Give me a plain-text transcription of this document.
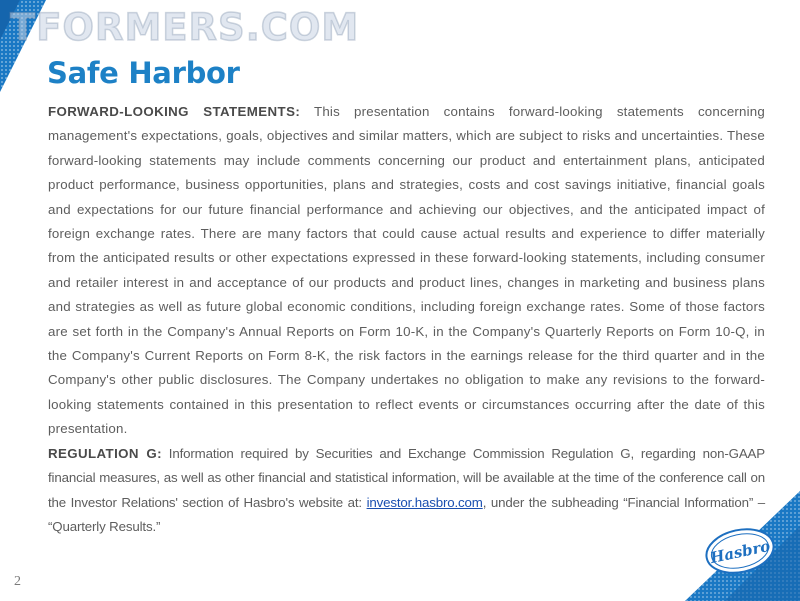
TFORMERS.COM
Safe Harbor

FORWARD-LOOKING STATEMENTS: This presentation contains forward-looking statements concerning management's expectations, goals, objectives and similar matters, which are subject to risks and uncertainties. These forward-looking statements may include comments concerning our product and entertainment plans, anticipated product performance, business opportunities, plans and strategies, costs and cost savings initiative, financial goals and expectations for our future financial performance and achieving our objectives, and the anticipated impact of foreign exchange rates. There are many factors that could cause actual results and experience to differ materially from the anticipated results or other expectations expressed in these forward-looking statements, including consumer and retailer interest in and acceptance of our products and product lines, changes in marketing and business plans and strategies as well as future global economic conditions, including foreign exchange rates. Some of those factors are set forth in the Company's Annual Reports on Form 10-K, in the Company's Quarterly Reports on Form 10-Q, in the Company's Current Reports on Form 8-K, the risk factors in the earnings release for the third quarter and in the Company's other public disclosures. The Company undertakes no obligation to make any revisions to the forward-looking statements contained in this presentation to reflect events or circumstances occurring after the date of this presentation.

REGULATION G: Information required by Securities and Exchange Commission Regulation G, regarding non-GAAP financial measures, as well as other financial and statistical information, will be available at the time of the conference call on the Investor Relations' section of Hasbro's website at: investor.hasbro.com, under the subheading “Financial Information” – “Quarterly Results.”

2
Hasbro
